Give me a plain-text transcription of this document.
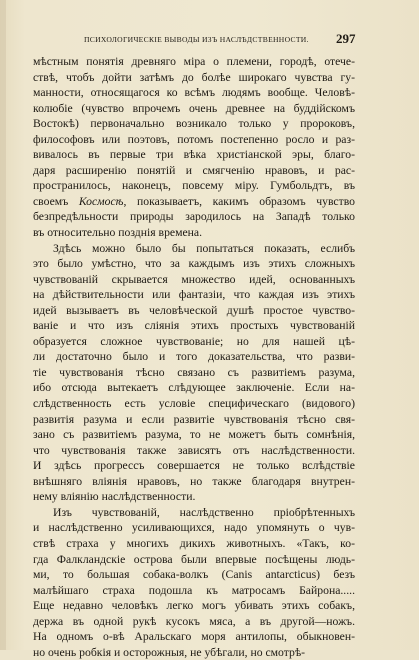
ПСИХОЛОГИЧЕСКІЕ ВЫВОДЫ ИЗЪ НАСЛѢДСТВЕННОСТИ.	297
мѣстным понятія древняго міра о племени, городѣ, отече-
ствѣ, чтобъ дойти затѣмъ до болѣе широкаго чувства гу-
манности, относящагося ко всѣмъ людямъ вообще. Человѣ-
колюбіе (чувство впрочемъ очень древнее на буддійскомъ
Востокѣ) первоначально возникало только у пророковъ,
философовъ или поэтовъ, потомъ постепенно росло и раз-
вивалось въ первые три вѣка христіанской эры, благо-
даря расширенію понятій и смягченію нравовъ, и рас-
пространилось, наконецъ, повсему міру. Гумбольдтъ, въ
своемъ Космосѣ, показываетъ, какимъ образомъ чувство
безпредѣльности природы зародилось на Западѣ только
въ относительно позднія времена.
Здѣсь можно было бы попытаться показать, еслибъ
это было умѣстно, что за каждымъ изъ этихъ сложныхъ
чувствованій скрывается множество идей, основанныхъ
на дѣйствительности или фантазіи, что каждая изъ этихъ
идей вызываетъ въ человѣческой душѣ простое чувство-
ваніе и что изъ сліянія этихъ простыхъ чувствованій
образуется сложное чувствованіе; но для нашей цѣ-
ли достаточно было и того доказательства, что разви-
тіе чувствованія тѣсно связано съ развитіемъ разума,
ибо отсюда вытекаетъ слѣдующее заключеніе. Если на-
слѣдственность есть условіе специфическаго (видового)
развитія разума и если развитіе чувствованія тѣсно свя-
зано съ развитіемъ разума, то не можетъ быть сомнѣнія,
что чувствованія также зависятъ отъ наслѣдственности.
И здѣсь прогрессъ совершается не только вслѣдствіе
внѣшняго вліянія нравовъ, но также благодаря внутрен-
нему вліянію наслѣдственности.
Изъ чувствованій, наслѣдственно пріобрѣтенныхъ
и наслѣдственно усиливающихся, надо упомянуть о чув-
ствѣ страха у многихъ дикихъ животныхъ. «Такъ, ко-
гда Фалкландскіе острова были впервые посѣщены людь-
ми, то большая собака-волкъ (Canis antarcticus) безъ
малѣйшаго страха подошла къ матросамъ Байрона.....
Еще недавно человѣкъ легко могъ убивать этихъ собакъ,
держа въ одной рукѣ кусокъ мяса, а въ другой—ножъ.
На одномъ о-вѣ Аральскаго моря антилопы, обыкновен-
но очень робкія и осторожныя, не убѣгали, но смотрѣ-
